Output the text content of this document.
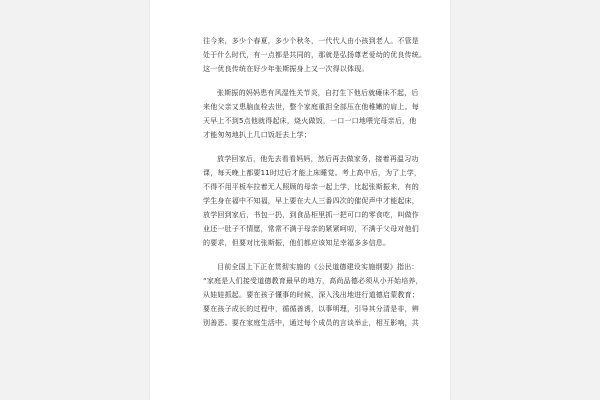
往今来，多少个春夏，多少个秋冬，一代代人由小孩到老人。不管是
处于什么时代，有一点都是共同的，那就是弘扬尊老爱幼的优良传统。
这一优良传统在好少年张斯振身上又一次得以体现。
张斯振的妈妈患有风湿性关节炎，自打生下他后就瘫床不起，后
来他父亲又患脑血栓去世，整个家庭重担全部压在他稚嫩的肩上。每
天早上不到5点他就得起床，烧火做饭，一口一口地喂完母亲后，他
才能匆匆地扒上几口饭赶去上学；
放学回家后，他先去看看妈妈，然后再去做家务，接着再温习功
课，每天晚上都要11时过后才能上床睡觉。考上高中后，为了上学，
不得不用平板车拉着无人照顾的母亲一起上学，比起张斯振来，有的
学生身在福中不知福，早上要在大人三番四次的催促声中才能起床，
放学回到家后，书包一扔，到食品柜里抓一把可口的零食吃，叫做作
业还一肚子不情愿，常常不满于母亲的紧紧呵叨，不满于父母对他们
的要求，但要对比张斯振，他们都应该知足幸福多多信息。
目前全国上下正在贯彻实施的《公民道德建设实施纲要》指出：
“家庭是人们接受道德教育最早的地方，高尚品德必须从小开始培养，
从娃娃抓起。要在孩子懂事的时候，深入浅出地进行道德启蒙教育；
要在孩子成长的过程中，循循善诱，以事明理，引导其分清是非，辨
别善恶。要在家庭生活中，通过每个成员的言谈举止，相互影响，共
